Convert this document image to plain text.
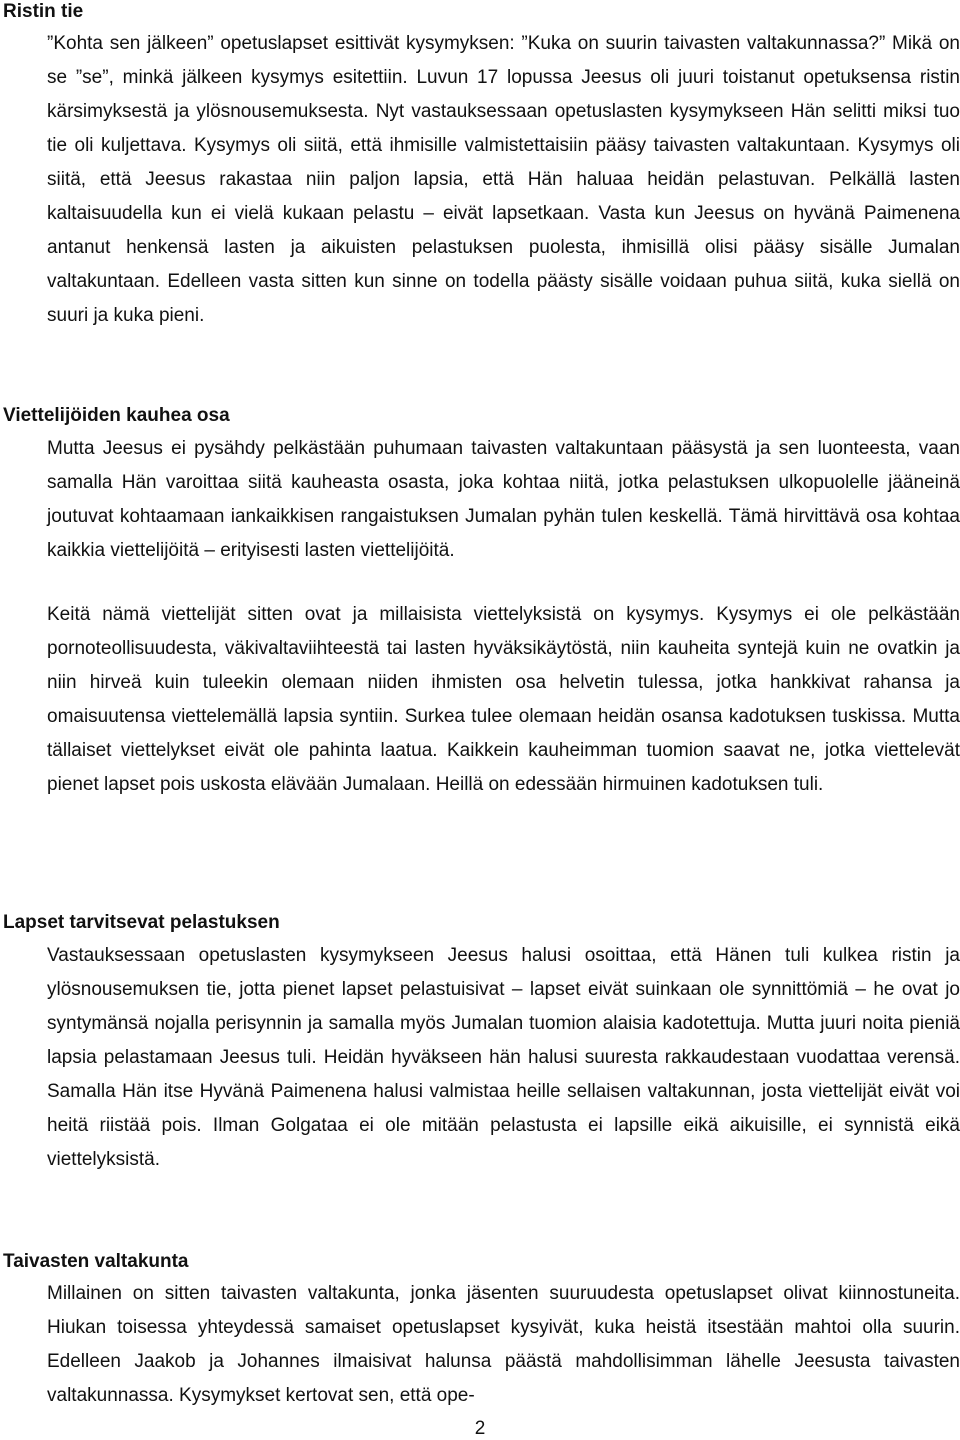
Ristin tie

”Kohta sen jälkeen” opetuslapset esittivät kysymyksen: ”Kuka on suurin taivasten valtakunnassa?” Mikä on se ”se”, minkä jälkeen kysymys esitettiin. Luvun 17 lopussa Jeesus oli juuri toistanut opetuksensa ristin kärsimyksestä ja ylösnousemuksesta. Nyt vastauksessaan opetuslasten kysymykseen Hän selitti miksi tuo tie oli kuljettava. Kysymys oli siitä, että ihmisille valmistettaisiin pääsy taivasten valtakuntaan. Kysymys oli siitä, että Jeesus rakastaa niin paljon lapsia, että Hän haluaa heidän pelastuvan. Pelkällä lasten kaltaisuudella kun ei vielä kukaan pelastu – eivät lapsetkaan. Vasta kun Jeesus on hyvänä Paimenena antanut henkensä lasten ja aikuisten pelastuksen puolesta, ihmisillä olisi pääsy sisälle Jumalan valtakuntaan. Edelleen vasta sitten kun sinne on todella päästy sisälle voidaan puhua siitä, kuka siellä on suuri ja kuka pieni.

Viettelijöiden kauhea osa

Mutta Jeesus ei pysähdy pelkästään puhumaan taivasten valtakuntaan pääsystä ja sen luonteesta, vaan samalla Hän varoittaa siitä kauheasta osasta, joka kohtaa niitä, jotka pelastuksen ulkopuolelle jääneinä joutuvat kohtaamaan iankaikkisen rangaistuksen Jumalan pyhän tulen keskellä. Tämä hirvittävä osa kohtaa kaikkia viettelijöitä – erityisesti lasten viettelijöitä.

Keitä nämä viettelijät sitten ovat ja millaisista viettelyksistä on kysymys. Kysymys ei ole pelkästään pornoteollisuudesta, väkivaltaviihteestä tai lasten hyväksikäytöstä, niin kauheita syntejä kuin ne ovatkin ja niin hirveä kuin tuleekin olemaan niiden ihmisten osa helvetin tulessa, jotka hankkivat rahansa ja omaisuutensa viettelemällä lapsia syntiin. Surkea tulee olemaan heidän osansa kadotuksen tuskissa. Mutta tällaiset viettelykset eivät ole pahinta laatua. Kaikkein kauheimman tuomion saavat ne, jotka viettelevät pienet lapset pois uskosta elävään Jumalaan. Heillä on edessään hirmuinen kadotuksen tuli.

Lapset tarvitsevat pelastuksen

Vastauksessaan opetuslasten kysymykseen Jeesus halusi osoittaa, että Hänen tuli kulkea ristin ja ylösnousemuksen tie, jotta pienet lapset pelastuisivat – lapset eivät suinkaan ole synnittömiä – he ovat jo syntymänsä nojalla perisynnin ja samalla myös Jumalan tuomion alaisia kadotettuja. Mutta juuri noita pieniä lapsia pelastamaan Jeesus tuli. Heidän hyväkseen hän halusi suuresta rakkaudestaan vuodattaa verensä. Samalla Hän itse Hyvänä Paimenena halusi valmistaa heille sellaisen valtakunnan, josta viettelijät eivät voi heitä riistää pois. Ilman Golgataa ei ole mitään pelastusta ei lapsille eikä aikuisille, ei synnistä eikä viettelyksistä.

Taivasten valtakunta

Millainen on sitten taivasten valtakunta, jonka jäsenten suuruudesta opetuslapset olivat kiinnostuneita. Hiukan toisessa yhteydessä samaiset opetuslapset kysyivät, kuka heistä itsestään mahtoi olla suurin. Edelleen Jaakob ja Johannes ilmaisivat halunsa päästä mahdollisimman lähelle Jeesusta taivasten valtakunnassa. Kysymykset kertovat sen, että ope-

2
